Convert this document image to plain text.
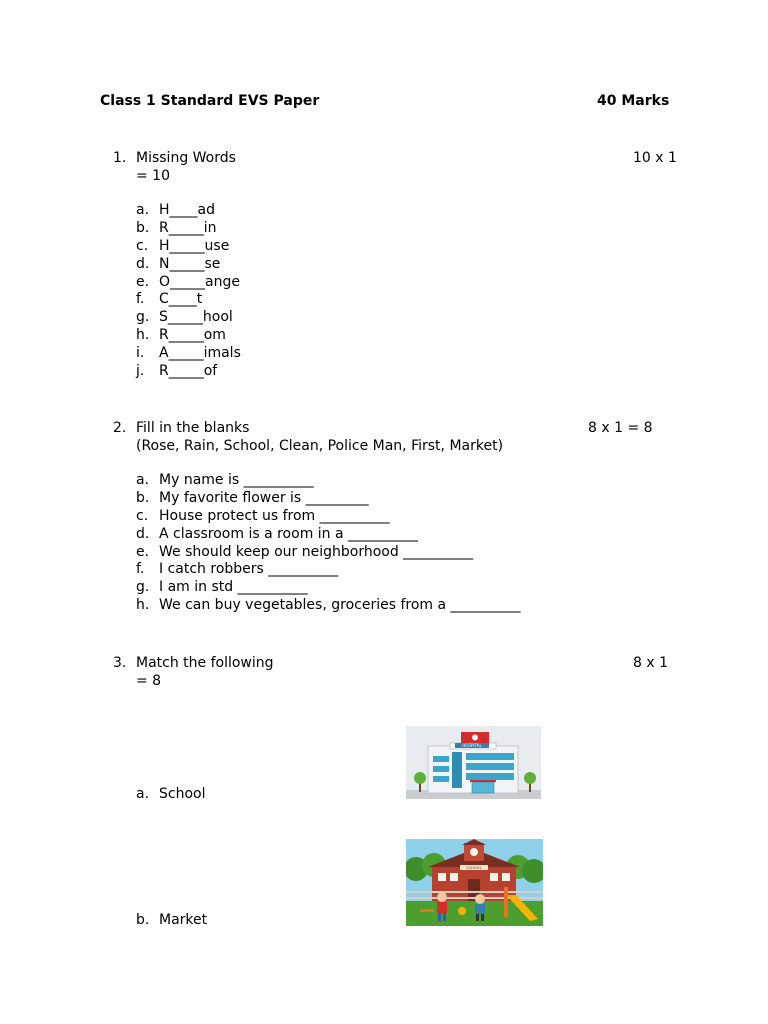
Class 1 Standard EVS Paper	40 Marks
1. Missing Words	10 x 1
= 10
a. H____ad
b. R_____in
c. H_____use
d. N_____se
e. O_____ange
f. C____t
g. S_____hool
h. R_____om
i. A_____imals
j. R_____of
2. Fill in the blanks	8 x 1 = 8
(Rose, Rain, School, Clean, Police Man, First, Market)
a. My name is __________
b. My favorite flower is _________
c. House protect us from __________
d. A classroom is a room in a __________
e. We should keep our neighborhood __________
f. I catch robbers __________
g. I am in std __________
h. We can buy vegetables, groceries from a __________
3. Match the following	8 x 1
= 8
a. School
b. Market
HOSPITAL
SCHOOL
